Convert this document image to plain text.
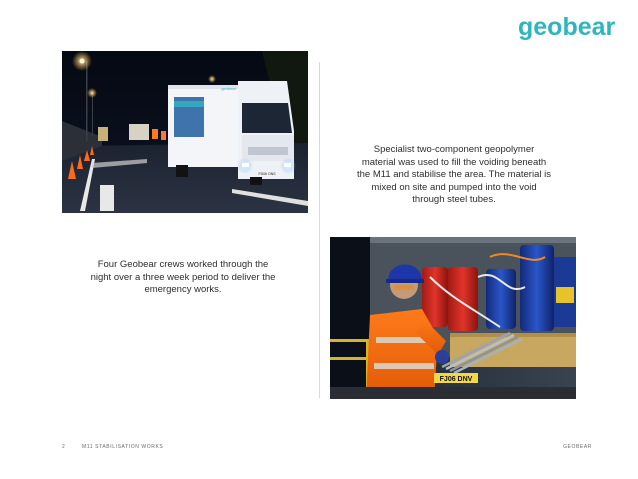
geobear
geobear
FD06 ONS
Specialist two-component geopolymer material was used to fill the voiding beneath the M11 and stabilise the area. The material is mixed on site and pumped into the void through steel tubes.
Four Geobear crews worked through the night over a three week period to deliver the emergency works.
FJ06 DNV
2	M11 STABILISATION WORKS	GEOBEAR
